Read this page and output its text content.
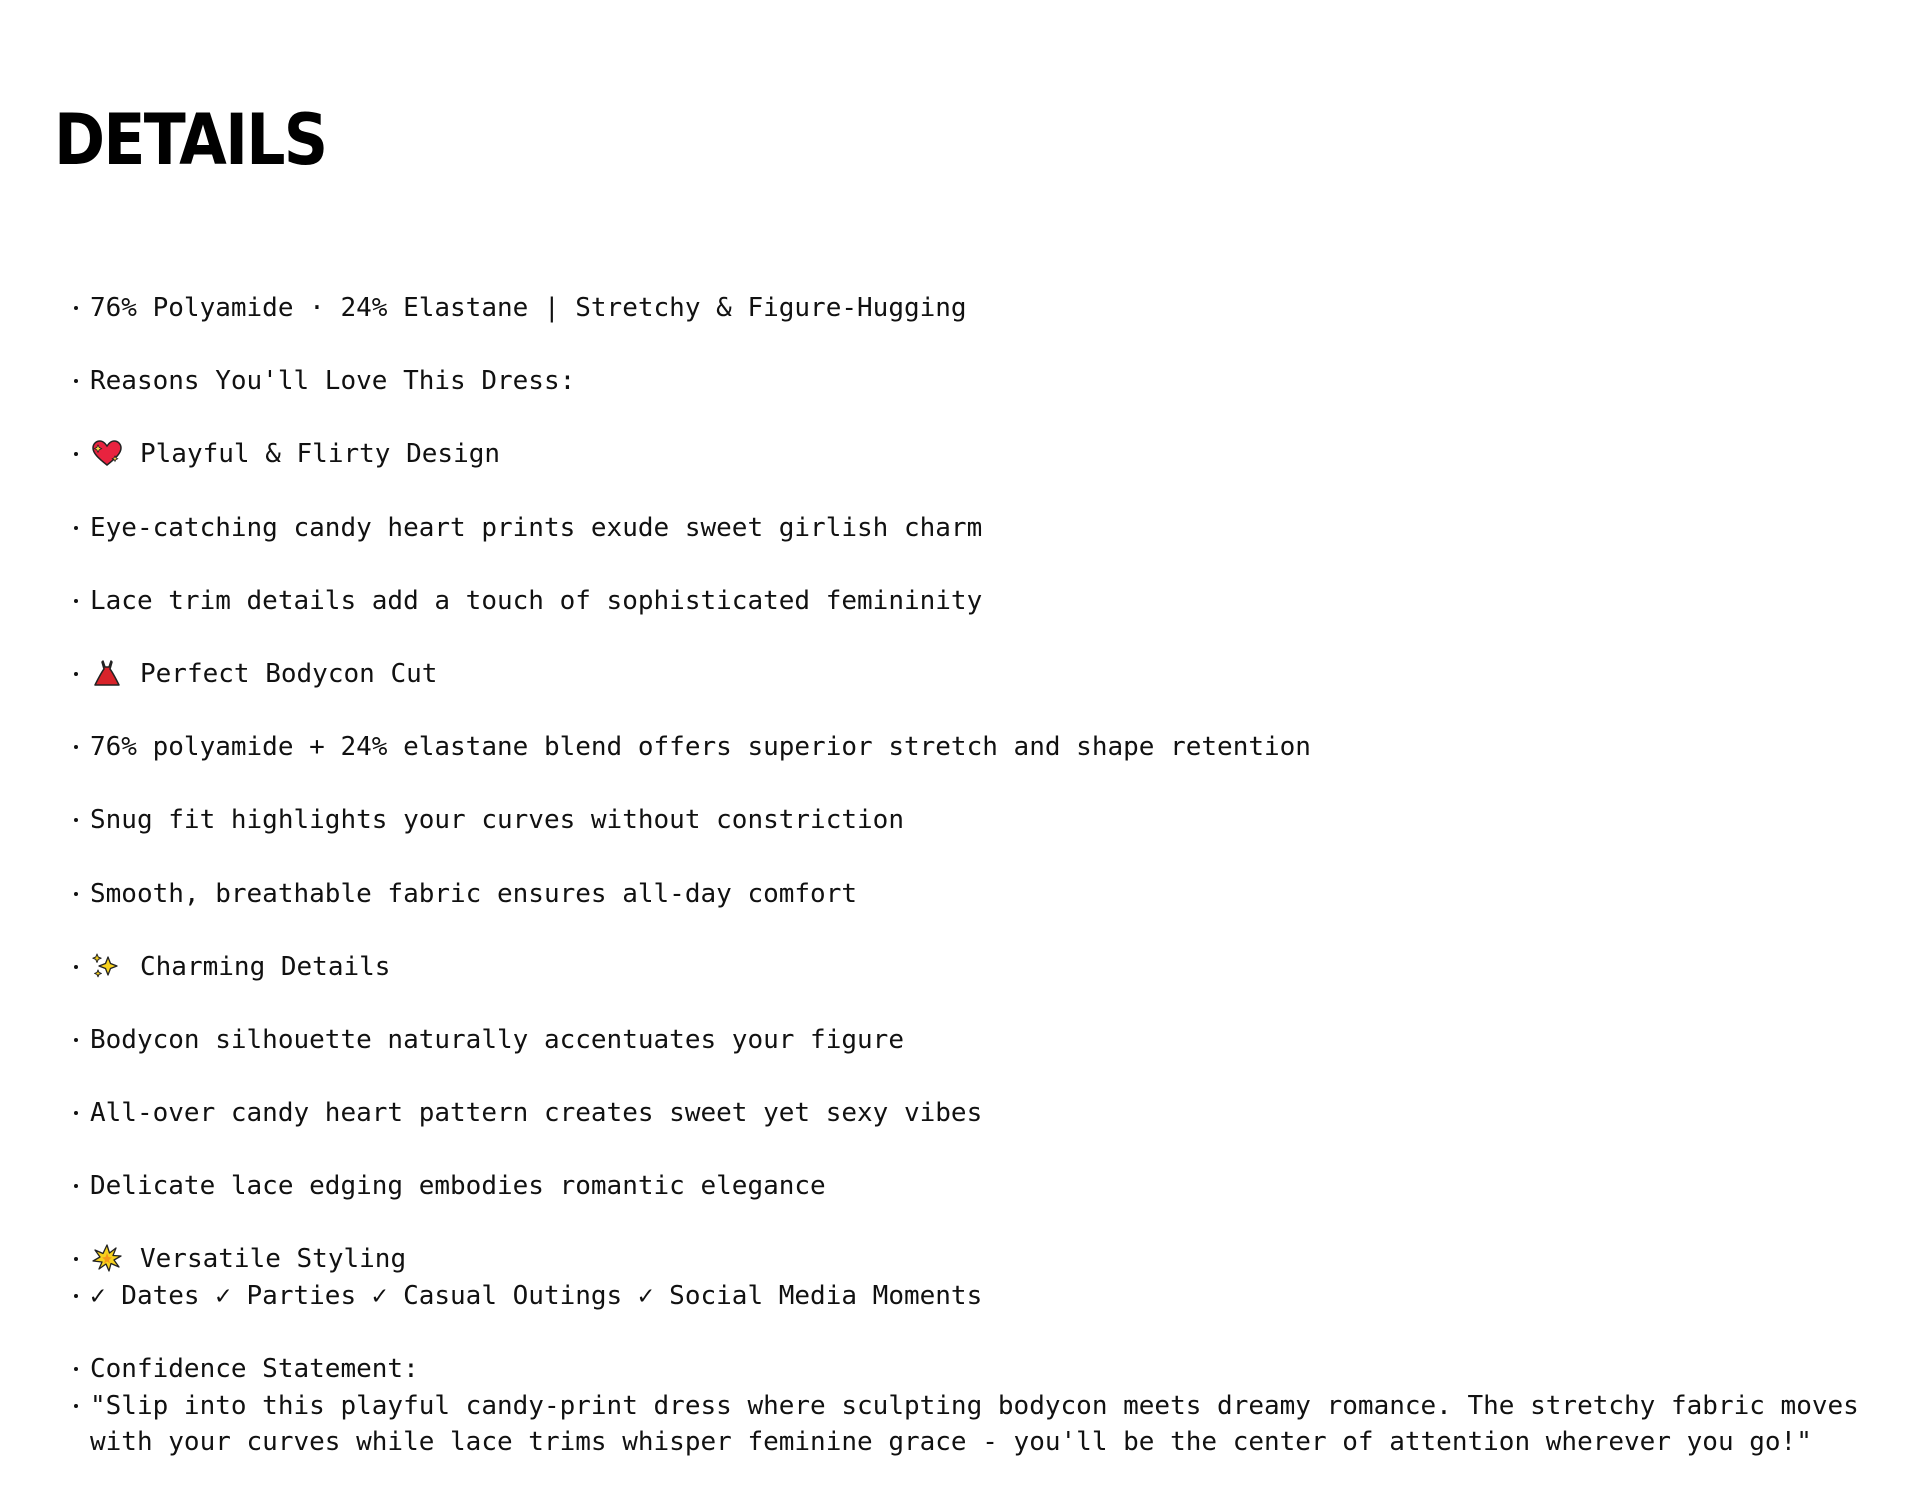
DETAILS
76% Polyamide · 24% Elastane | Stretchy & Figure-Hugging
Reasons You'll Love This Dress:
Playful & Flirty Design
Eye-catching candy heart prints exude sweet girlish charm
Lace trim details add a touch of sophisticated femininity
Perfect Bodycon Cut
76% polyamide + 24% elastane blend offers superior stretch and shape retention
Snug fit highlights your curves without constriction
Smooth, breathable fabric ensures all-day comfort
Charming Details
Bodycon silhouette naturally accentuates your figure
All-over candy heart pattern creates sweet yet sexy vibes
Delicate lace edging embodies romantic elegance
Versatile Styling
✓ Dates ✓ Parties ✓ Casual Outings ✓ Social Media Moments
Confidence Statement:
"Slip into this playful candy-print dress where sculpting bodycon meets dreamy romance. The stretchy fabric moves with your curves while lace trims whisper feminine grace - you'll be the center of attention wherever you go!"
